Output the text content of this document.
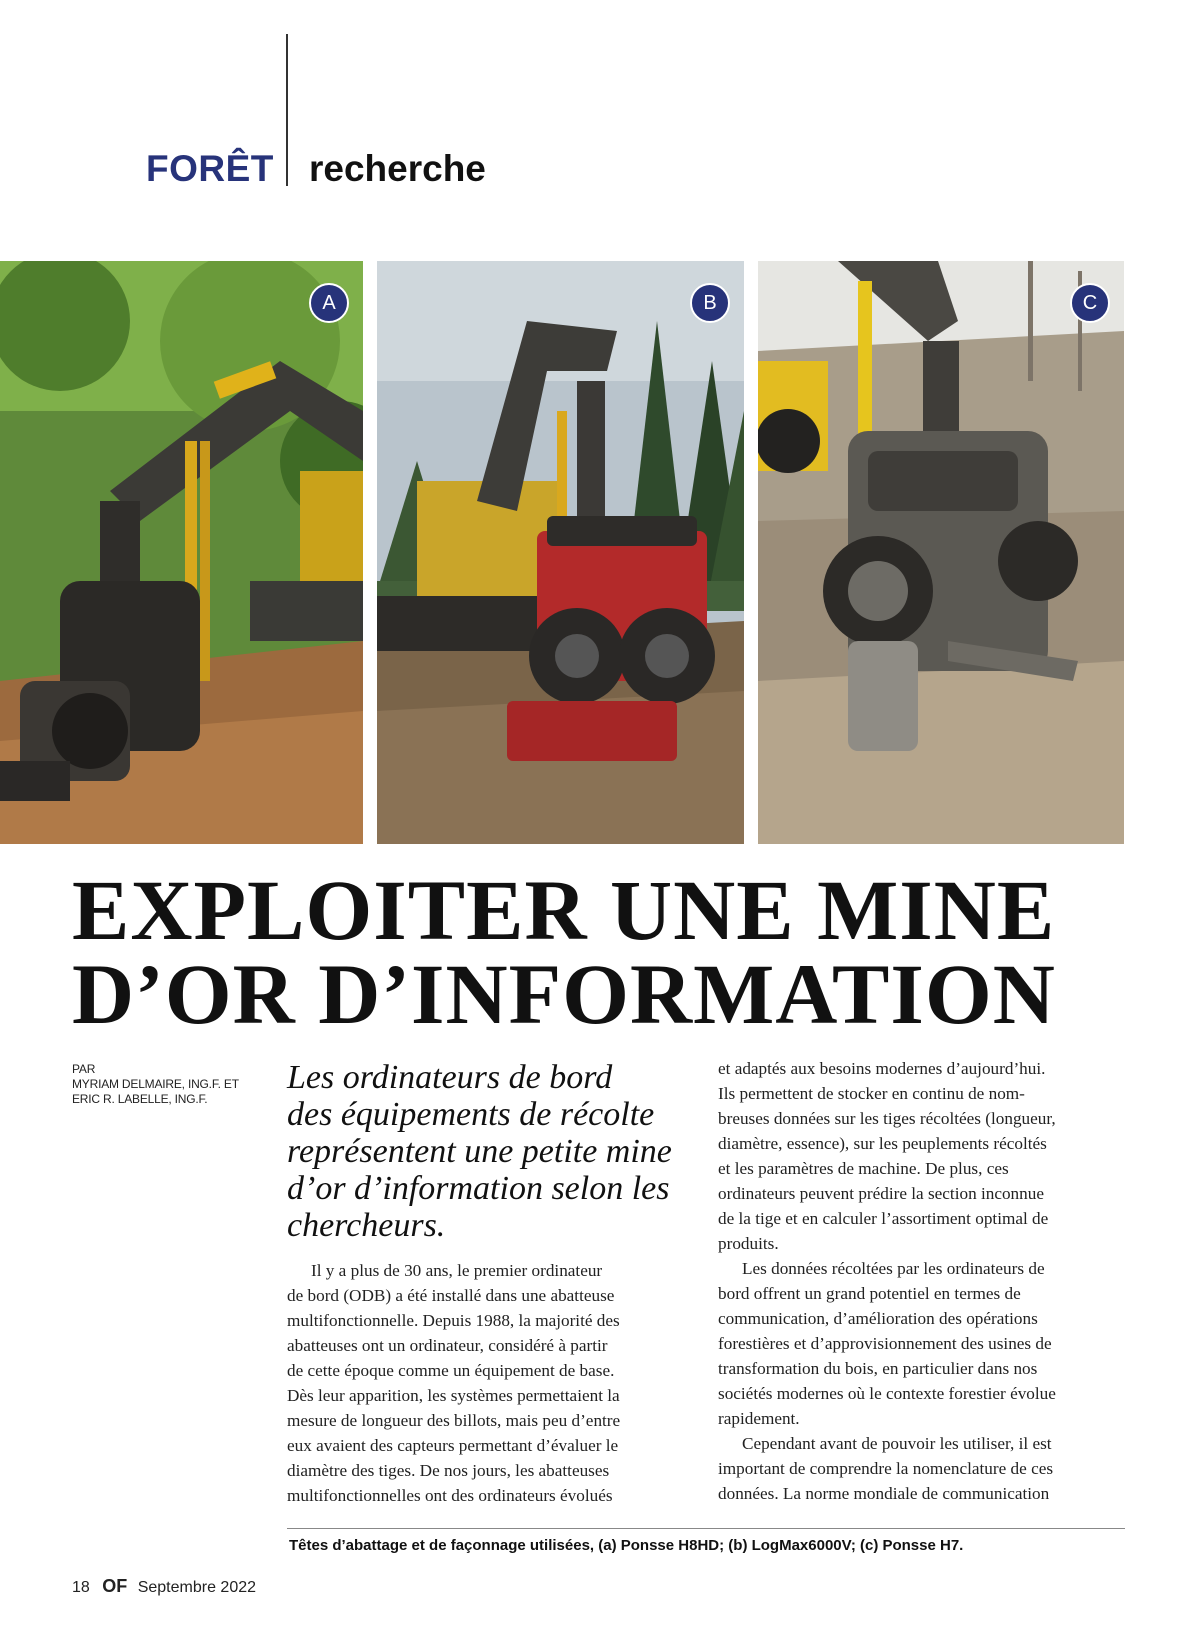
FORÊT recherche
A	B	C
EXPLOITER UNE MINE
D’OR D’INFORMATION
PAR
MYRIAM DELMAIRE, ING.F. ET
ERIC R. LABELLE, ING.F.
Les ordinateurs de bord
des équipements de récolte
représentent une petite mine
d’or d’information selon les
chercheurs.
Il y a plus de 30 ans, le premier ordinateur
de bord (ODB) a été installé dans une abatteuse
multifonctionnelle. Depuis 1988, la majorité des
abatteuses ont un ordinateur, considéré à partir
de cette époque comme un équipement de base.
Dès leur apparition, les systèmes permettaient la
mesure de longueur des billots, mais peu d’entre
eux avaient des capteurs permettant d’évaluer le
diamètre des tiges. De nos jours, les abatteuses
multifonctionnelles ont des ordinateurs évolués
et adaptés aux besoins modernes d’aujourd’hui.
Ils permettent de stocker en continu de nom-
breuses données sur les tiges récoltées (longueur,
diamètre, essence), sur les peuplements récoltés
et les paramètres de machine. De plus, ces
ordinateurs peuvent prédire la section inconnue
de la tige et en calculer l’assortiment optimal de
produits.
Les données récoltées par les ordinateurs de
bord offrent un grand potentiel en termes de
communication, d’amélioration des opérations
forestières et d’approvisionnement des usines de
transformation du bois, en particulier dans nos
sociétés modernes où le contexte forestier évolue
rapidement.
Cependant avant de pouvoir les utiliser, il est
important de comprendre la nomenclature de ces
données. La norme mondiale de communication
Têtes d’abattage et de façonnage utilisées, (a) Ponsse H8HD; (b) LogMax6000V; (c) Ponsse H7.
18 OF Septembre 2022
